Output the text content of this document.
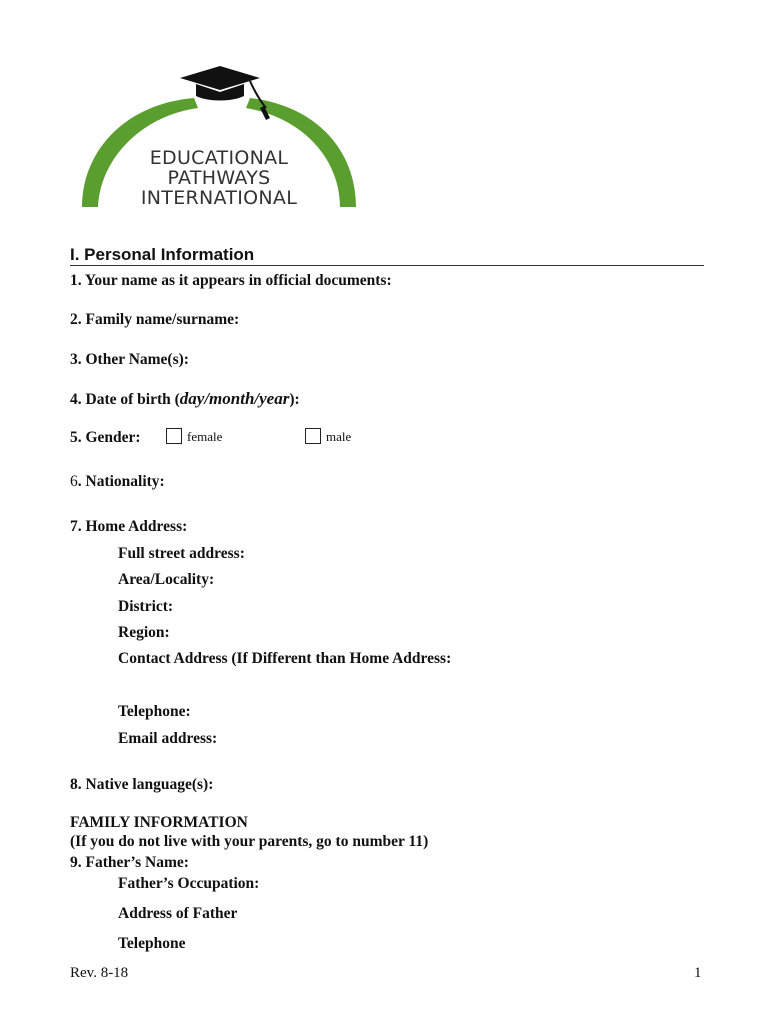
EDUCATIONAL
PATHWAYS
INTERNATIONAL
I. Personal Information
1. Your name as it appears in official documents:
2. Family name/surname:
3. Other Name(s):
4. Date of birth (day/month/year):
5. Gender:	female	male
6. Nationality:
7. Home Address:
Full street address:
Area/Locality:
District:
Region:
Contact Address (If Different than Home Address:
Telephone:
Email address:
8. Native language(s):
FAMILY INFORMATION
(If you do not live with your parents, go to number 11)
9. Father’s Name:
Father’s Occupation:
Address of Father
Telephone
Rev. 8-18	1
